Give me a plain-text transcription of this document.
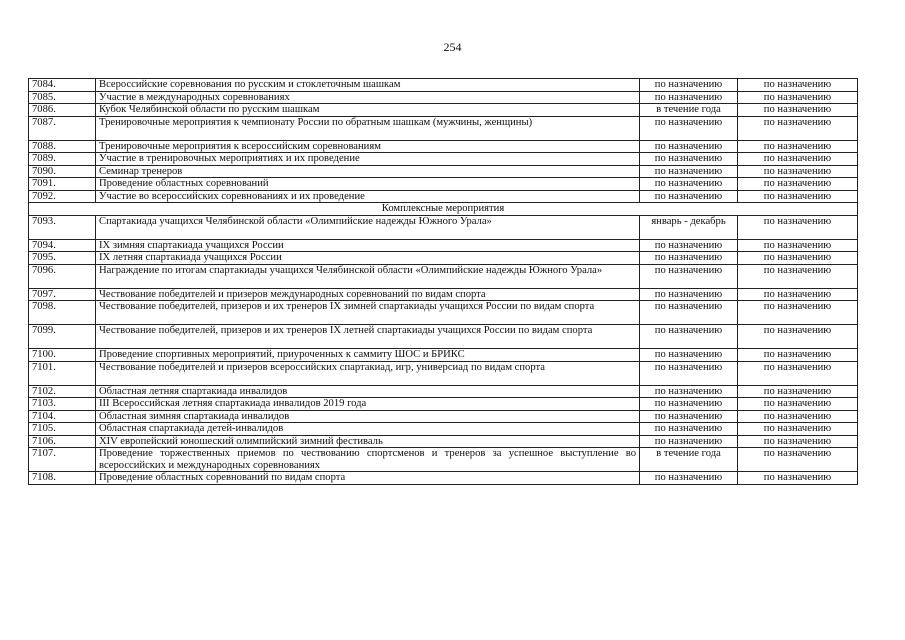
254
7084.	Всероссийские соревнования по русским и стоклеточным шашкам	по назначению	по назначению
7085.	Участие в международных соревнованиях	по назначению	по назначению
7086.	Кубок Челябинской области по русским шашкам	в течение года	по назначению
7087.	Тренировочные мероприятия к чемпионату России по обратным шашкам (мужчины, женщины)	по назначению	по назначению
7088.	Тренировочные мероприятия к всероссийским соревнованиям	по назначению	по назначению
7089.	Участие в тренировочных мероприятиях и их проведение	по назначению	по назначению
7090.	Семинар тренеров	по назначению	по назначению
7091.	Проведение областных соревнований	по назначению	по назначению
7092.	Участие во всероссийских соревнованиях и их проведение	по назначению	по назначению
Комплексные мероприятия			
7093.	Спартакиада учащихся Челябинской области «Олимпийские надежды Южного Урала»	январь - декабрь	по назначению
7094.	IX зимняя спартакиада учащихся России	по назначению	по назначению
7095.	IX летняя спартакиада учащихся России	по назначению	по назначению
7096.	Награждение по итогам спартакиады учащихся Челябинской области «Олимпийские надежды Южного Урала»	по назначению	по назначению
7097.	Чествование победителей и призеров международных соревнований по видам спорта	по назначению	по назначению
7098.	Чествование победителей, призеров и их тренеров IX зимней спартакиады учащихся России по видам спорта	по назначению	по назначению
7099.	Чествование победителей, призеров и их тренеров IX летней спартакиады учащихся России по видам спорта	по назначению	по назначению
7100.	Проведение спортивных мероприятий, приуроченных к саммиту ШОС и БРИКС	по назначению	по назначению
7101.	Чествование победителей и призеров всероссийских спартакиад, игр, универсиад по видам спорта	по назначению	по назначению
7102.	Областная летняя спартакиада инвалидов	по назначению	по назначению
7103.	III Всероссийская летняя спартакиада инвалидов 2019 года	по назначению	по назначению
7104.	Областная зимняя спартакиада инвалидов	по назначению	по назначению
7105.	Областная спартакиада детей-инвалидов	по назначению	по назначению
7106.	XIV европейский юношеский олимпийский зимний фестиваль	по назначению	по назначению
7107.	Проведение торжественных приемов по чествованию спортсменов и тренеров за успешное выступление во всероссийских и международных соревнованиях	в течение года	по назначению
7108.	Проведение областных соревнований по видам спорта	по назначению	по назначению
